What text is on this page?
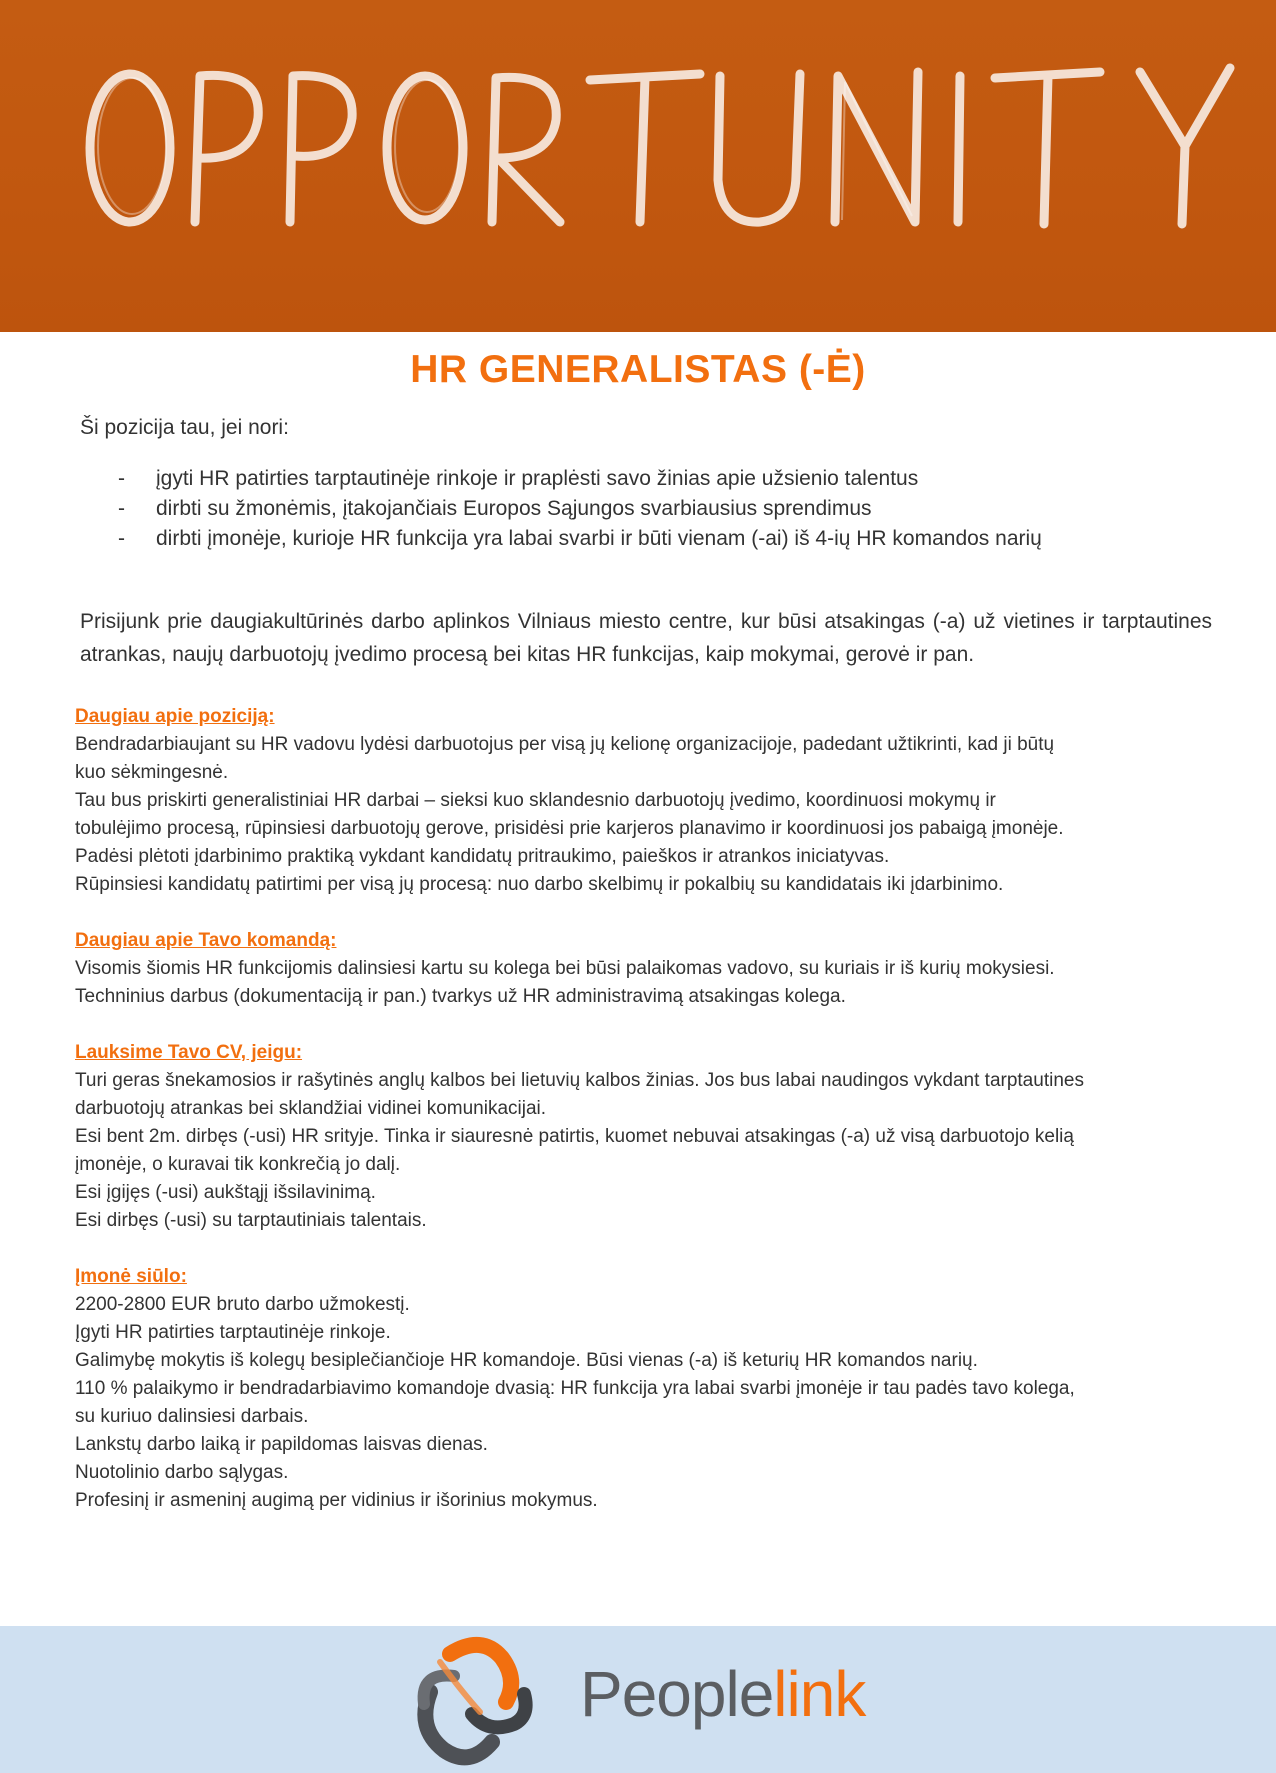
HR GENERALISTAS (-Ė)
Ši pozicija tau, jei nori:
- įgyti HR patirties tarptautinėje rinkoje ir praplėsti savo žinias apie užsienio talentus
- dirbti su žmonėmis, įtakojančiais Europos Sąjungos svarbiausius sprendimus
- dirbti įmonėje, kurioje HR funkcija yra labai svarbi ir būti vienam (-ai) iš 4-ių HR komandos narių
Prisijunk prie daugiakultūrinės darbo aplinkos Vilniaus miesto centre, kur būsi atsakingas (-a) už vietines ir tarptautines atrankas, naujų darbuotojų įvedimo procesą bei kitas HR funkcijas, kaip mokymai, gerovė ir pan.
Daugiau apie poziciją:
Bendradarbiaujant su HR vadovu lydėsi darbuotojus per visą jų kelionę organizacijoje, padedant užtikrinti, kad ji būtų
kuo sėkmingesnė.
Tau bus priskirti generalistiniai HR darbai – sieksi kuo sklandesnio darbuotojų įvedimo, koordinuosi mokymų ir
tobulėjimo procesą, rūpinsiesi darbuotojų gerove, prisidėsi prie karjeros planavimo ir koordinuosi jos pabaigą įmonėje.
Padėsi plėtoti įdarbinimo praktiką vykdant kandidatų pritraukimo, paieškos ir atrankos iniciatyvas.
Rūpinsiesi kandidatų patirtimi per visą jų procesą: nuo darbo skelbimų ir pokalbių su kandidatais iki įdarbinimo.
Daugiau apie Tavo komandą:
Visomis šiomis HR funkcijomis dalinsiesi kartu su kolega bei būsi palaikomas vadovo, su kuriais ir iš kurių mokysiesi.
Techninius darbus (dokumentaciją ir pan.) tvarkys už HR administravimą atsakingas kolega.
Lauksime Tavo CV, jeigu:
Turi geras šnekamosios ir rašytinės anglų kalbos bei lietuvių kalbos žinias. Jos bus labai naudingos vykdant tarptautines
darbuotojų atrankas bei sklandžiai vidinei komunikacijai.
Esi bent 2m. dirbęs (-usi) HR srityje. Tinka ir siauresnė patirtis, kuomet nebuvai atsakingas (-a) už visą darbuotojo kelią
įmonėje, o kuravai tik konkrečią jo dalį.
Esi įgijęs (-usi) aukštąjį išsilavinimą.
Esi dirbęs (-usi) su tarptautiniais talentais.
Įmonė siūlo:
2200-2800 EUR bruto darbo užmokestį.
Įgyti HR patirties tarptautinėje rinkoje.
Galimybę mokytis iš kolegų besiplečiančioje HR komandoje. Būsi vienas (-a) iš keturių HR komandos narių.
110 % palaikymo ir bendradarbiavimo komandoje dvasią: HR funkcija yra labai svarbi įmonėje ir tau padės tavo kolega,
su kuriuo dalinsiesi darbais.
Lankstų darbo laiką ir papildomas laisvas dienas.
Nuotolinio darbo sąlygas.
Profesinį ir asmeninį augimą per vidinius ir išorinius mokymus.
Peoplelink
